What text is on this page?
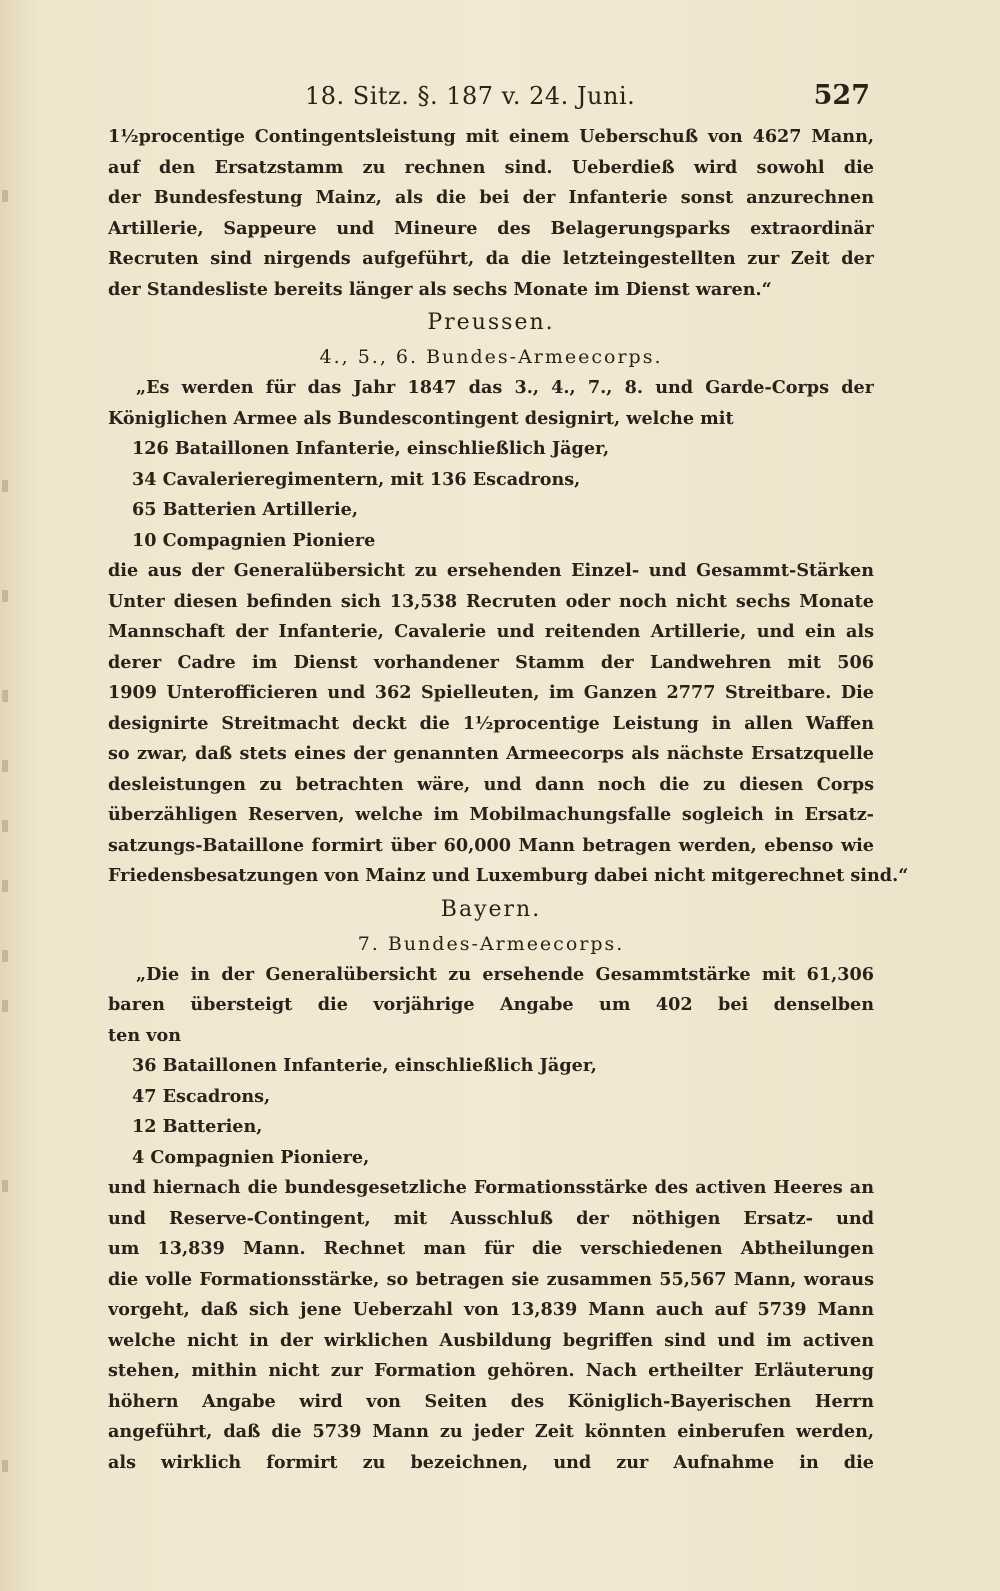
18. Sitz. §. 187 v. 24. Juni.	527
1½procentige Contingentsleistung mit einem Ueberschuß von 4627 Mann,
auf den Ersatzstamm zu rechnen sind. Ueberdieß wird sowohl die
der Bundesfestung Mainz, als die bei der Infanterie sonst anzurechnen
Artillerie, Sappeure und Mineure des Belagerungsparks extraordinär
Recruten sind nirgends aufgeführt, da die letzteingestellten zur Zeit der
der Standesliste bereits länger als sechs Monate im Dienst waren.“
Preussen.
4., 5., 6. Bundes-Armeecorps.
„Es werden für das Jahr 1847 das 3., 4., 7., 8. und Garde-Corps der
Königlichen Armee als Bundescontingent designirt, welche mit
126 Bataillonen Infanterie, einschließlich Jäger,
34 Cavalerieregimentern, mit 136 Escadrons,
65 Batterien Artillerie,
10 Compagnien Pioniere
die aus der Generalübersicht zu ersehenden Einzel- und Gesammt-Stärken
Unter diesen befinden sich 13,538 Recruten oder noch nicht sechs Monate
Mannschaft der Infanterie, Cavalerie und reitenden Artillerie, und ein als
derer Cadre im Dienst vorhandener Stamm der Landwehren mit 506
1909 Unterofficieren und 362 Spielleuten, im Ganzen 2777 Streitbare. Die
designirte Streitmacht deckt die 1½procentige Leistung in allen Waffen
so zwar, daß stets eines der genannten Armeecorps als nächste Ersatzquelle
desleistungen zu betrachten wäre, und dann noch die zu diesen Corps
überzähligen Reserven, welche im Mobilmachungsfalle sogleich in Ersatz-
satzungs-Bataillone formirt über 60,000 Mann betragen werden, ebenso wie
Friedensbesatzungen von Mainz und Luxemburg dabei nicht mitgerechnet sind.“
Bayern.
7. Bundes-Armeecorps.
„Die in der Generalübersicht zu ersehende Gesammtstärke mit 61,306
baren übersteigt die vorjährige Angabe um 402 bei denselben
ten von
36 Bataillonen Infanterie, einschließlich Jäger,
47 Escadrons,
12 Batterien,
4 Compagnien Pioniere,
und hiernach die bundesgesetzliche Formationsstärke des activen Heeres an
und Reserve-Contingent, mit Ausschluß der nöthigen Ersatz- und
um 13,839 Mann. Rechnet man für die verschiedenen Abtheilungen
die volle Formationsstärke, so betragen sie zusammen 55,567 Mann, woraus
vorgeht, daß sich jene Ueberzahl von 13,839 Mann auch auf 5739 Mann
welche nicht in der wirklichen Ausbildung begriffen sind und im activen
stehen, mithin nicht zur Formation gehören. Nach ertheilter Erläuterung
höhern Angabe wird von Seiten des Königlich-Bayerischen Herrn
angeführt, daß die 5739 Mann zu jeder Zeit könnten einberufen werden,
als wirklich formirt zu bezeichnen, und zur Aufnahme in die
